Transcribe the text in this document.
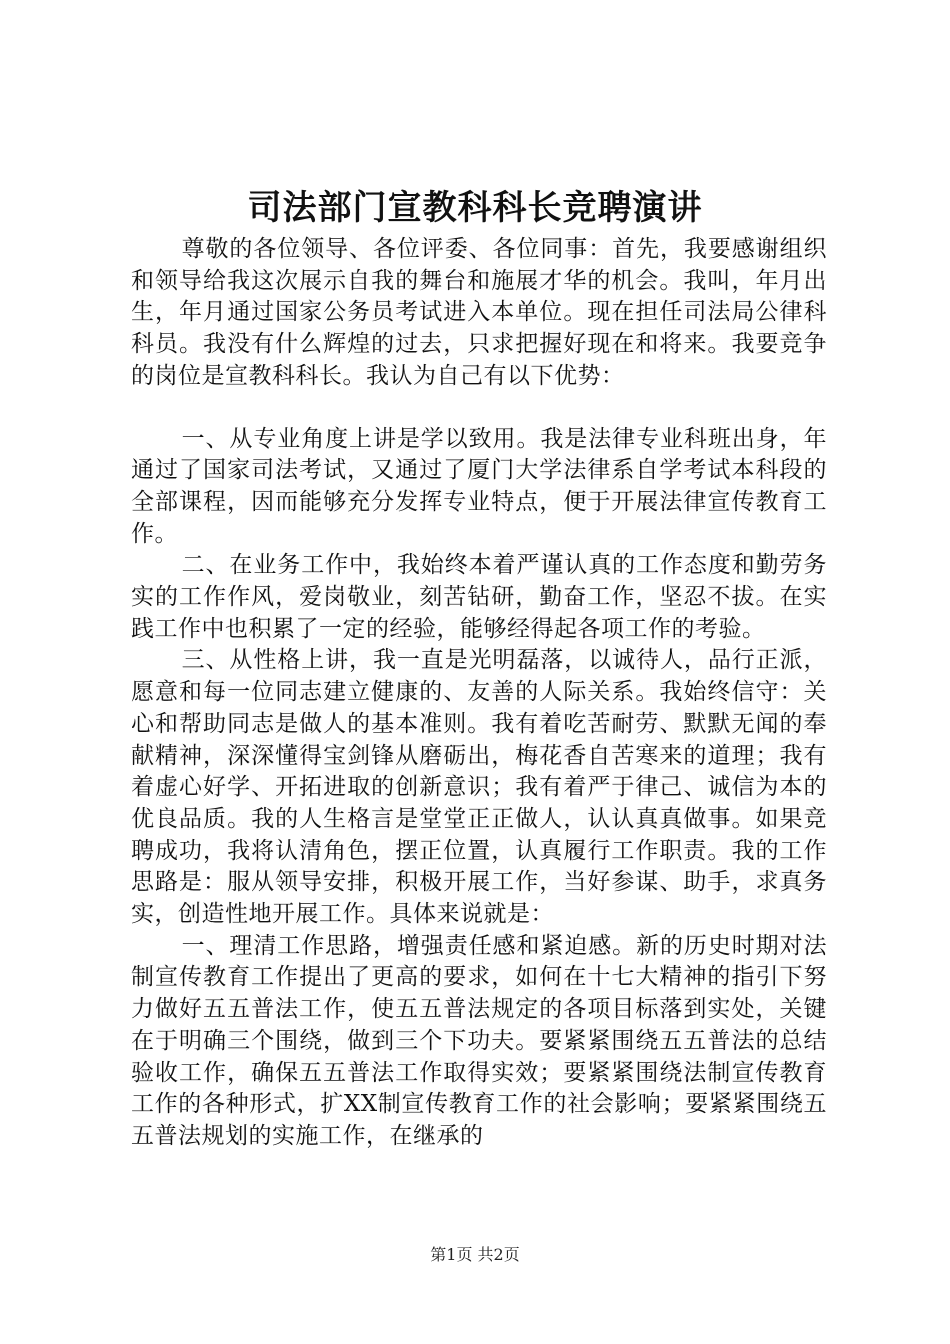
司法部门宣教科科长竞聘演讲

尊敬的各位领导、各位评委、各位同事：首先，我要感谢组织和领导给我这次展示自我的舞台和施展才华的机会。我叫，年月出生，年月通过国家公务员考试进入本单位。现在担任司法局公律科科员。我没有什么辉煌的过去，只求把握好现在和将来。我要竞争的岗位是宣教科科长。我认为自己有以下优势：

一、从专业角度上讲是学以致用。我是法律专业科班出身，年通过了国家司法考试，又通过了厦门大学法律系自学考试本科段的全部课程，因而能够充分发挥专业特点，便于开展法律宣传教育工作。

二、在业务工作中，我始终本着严谨认真的工作态度和勤劳务实的工作作风，爱岗敬业，刻苦钻研，勤奋工作，坚忍不拔。在实践工作中也积累了一定的经验，能够经得起各项工作的考验。

三、从性格上讲，我一直是光明磊落，以诚待人，品行正派，愿意和每一位同志建立健康的、友善的人际关系。我始终信守：关心和帮助同志是做人的基本准则。我有着吃苦耐劳、默默无闻的奉献精神，深深懂得宝剑锋从磨砺出，梅花香自苦寒来的道理；我有着虚心好学、开拓进取的创新意识；我有着严于律己、诚信为本的优良品质。我的人生格言是堂堂正正做人，认认真真做事。如果竞聘成功，我将认清角色，摆正位置，认真履行工作职责。我的工作思路是：服从领导安排，积极开展工作，当好参谋、助手，求真务实，创造性地开展工作。具体来说就是：

一、理清工作思路，增强责任感和紧迫感。新的历史时期对法制宣传教育工作提出了更高的要求，如何在十七大精神的指引下努力做好五五普法工作，使五五普法规定的各项目标落到实处，关键在于明确三个围绕，做到三个下功夫。要紧紧围绕五五普法的总结验收工作，确保五五普法工作取得实效；要紧紧围绕法制宣传教育工作的各种形式，扩XX制宣传教育工作的社会影响；要紧紧围绕五五普法规划的实施工作，在继承的

第1页 共2页
